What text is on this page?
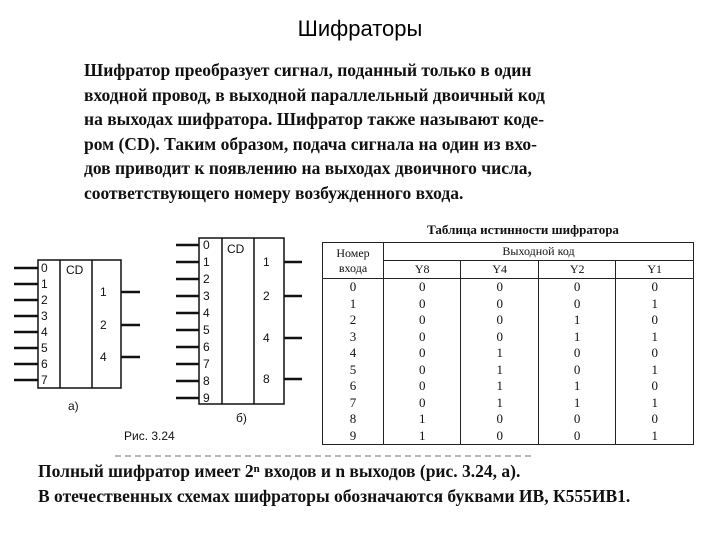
Шифраторы
Шифратор преобразует сигнал, поданный только в один
входной провод, в выходной параллельный двоичный код
на выходах шифратора. Шифратор также называют коде-
ром (CD). Таким образом, подача сигнала на один из вхо-
дов приводит к появлению на выходах двоичного числа,
соответствующего номеру возбужденного входа.
CD
0
1
2
3
4
5
6
7
1
2
4
а)
CD
0
1
2
3
4
5
6
7
8
9
1
2
4
8
б)
Рис. 3.24
Таблица истинности шифратора
Номер
входа	Выходной код			
	Y8	Y4	Y2	Y1
0	0	0	0	0
1	0	0	0	1
2	0	0	1	0
3	0	0	1	1
4	0	1	0	0
5	0	1	0	1
6	0	1	1	0
7	0	1	1	1
8	1	0	0	0
9	1	0	0	1
Полный шифратор имеет 2ⁿ входов и n выходов (рис. 3.24, а).
В отечественных схемах шифраторы обозначаются буквами ИВ, К555ИВ1.
